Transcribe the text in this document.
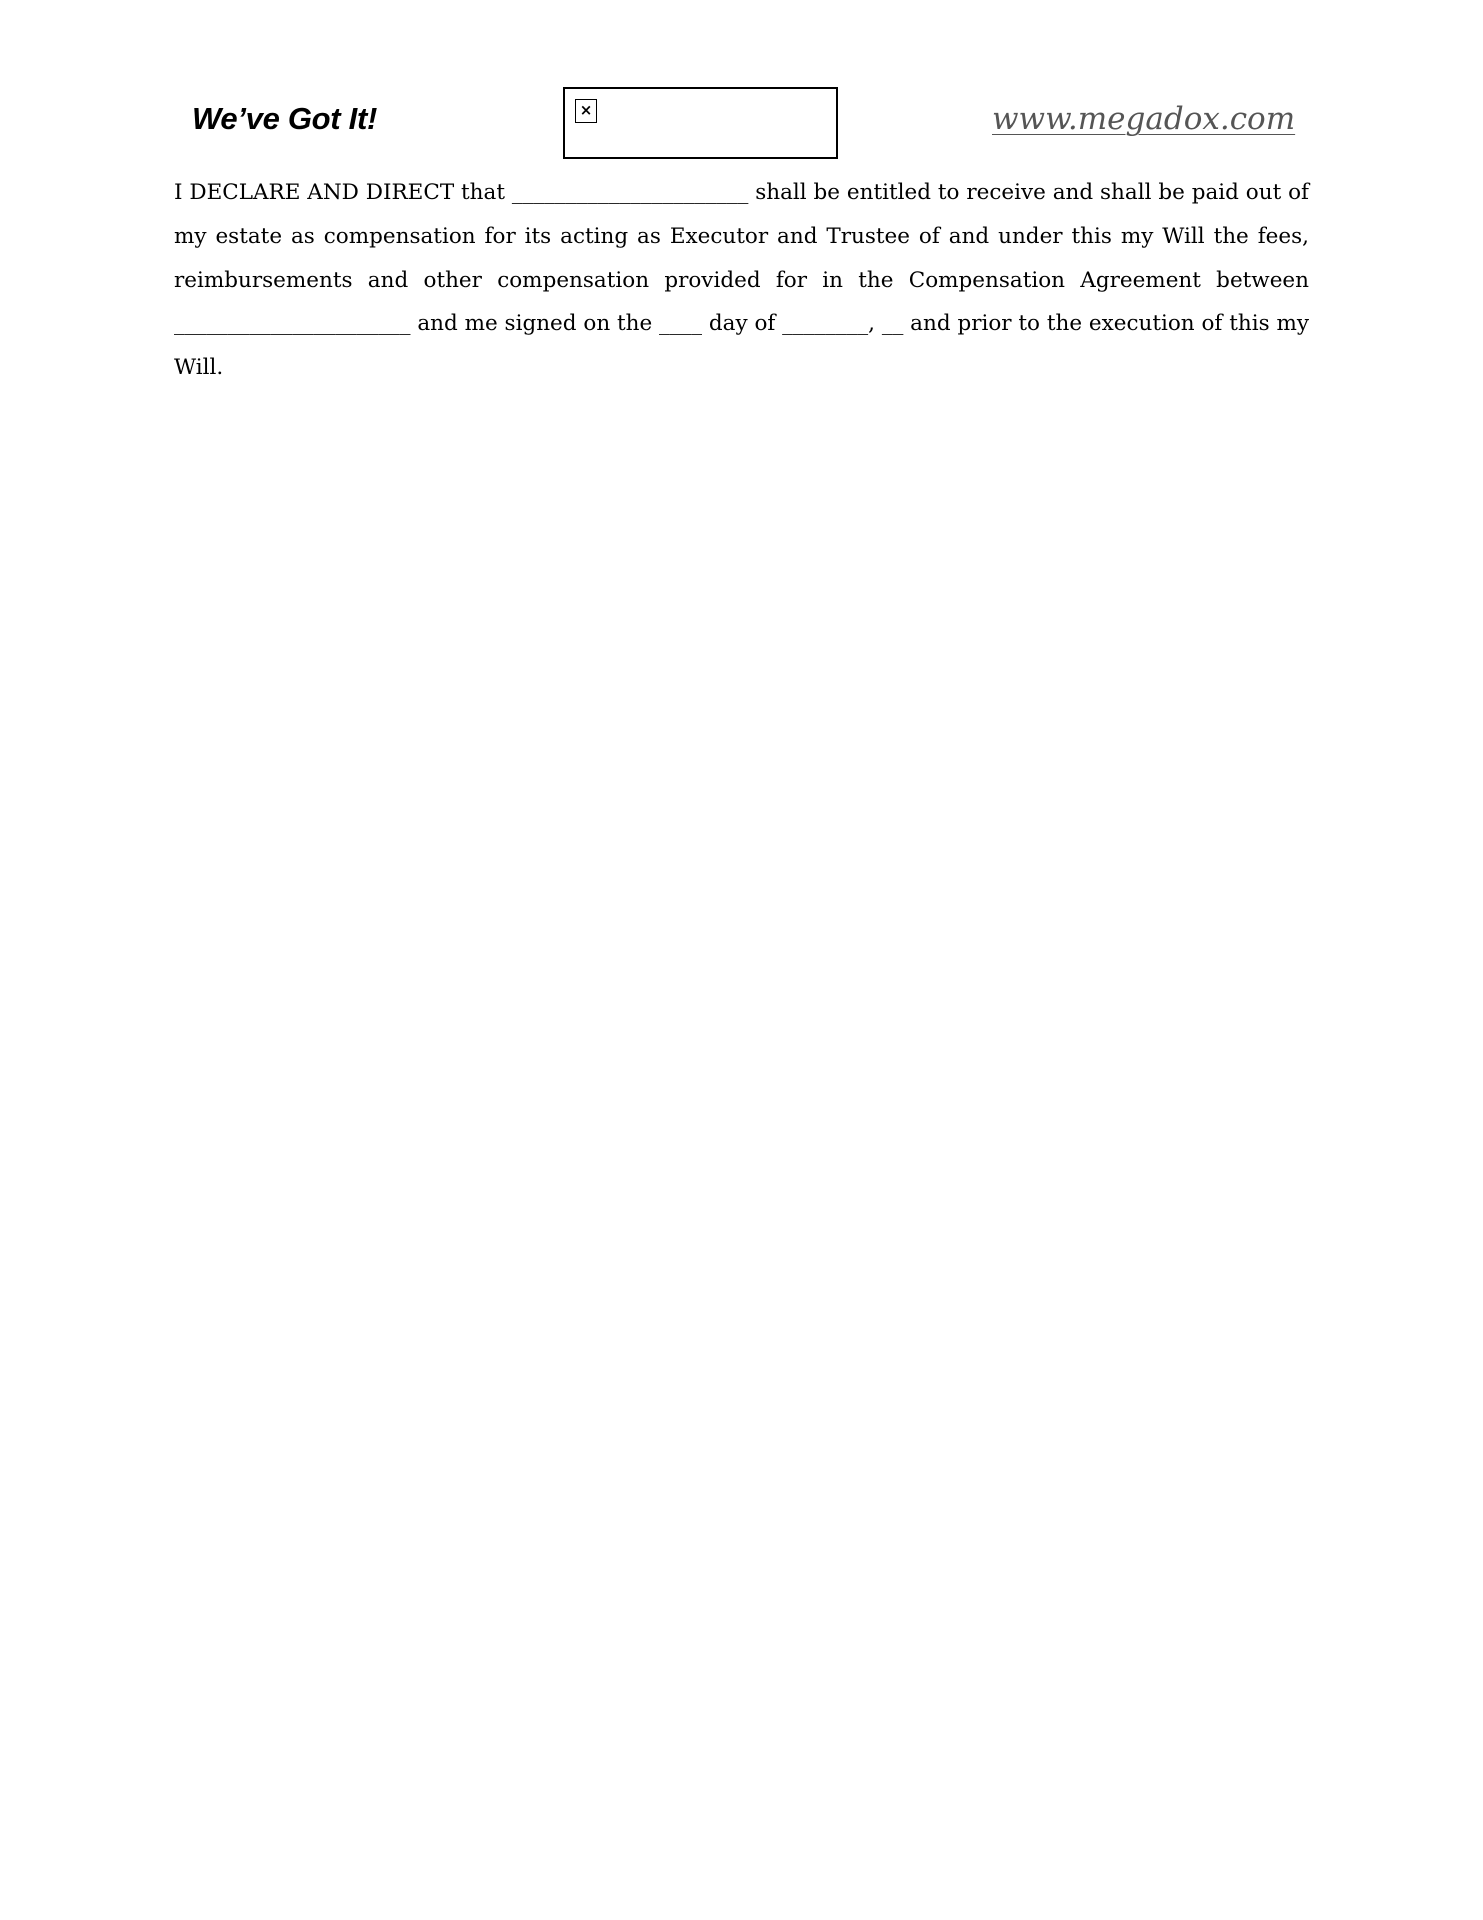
We’ve Got It!	×	www.megadox.com

I DECLARE AND DIRECT that ______________________ shall be entitled to receive and shall be paid out of my estate as compensation for its acting as Executor and Trustee of and under this my Will the fees, reimbursements and other compensation provided for in the Compensation Agreement between ______________________ and me signed on the ____ day of ________, __ and prior to the execution of this my Will.
